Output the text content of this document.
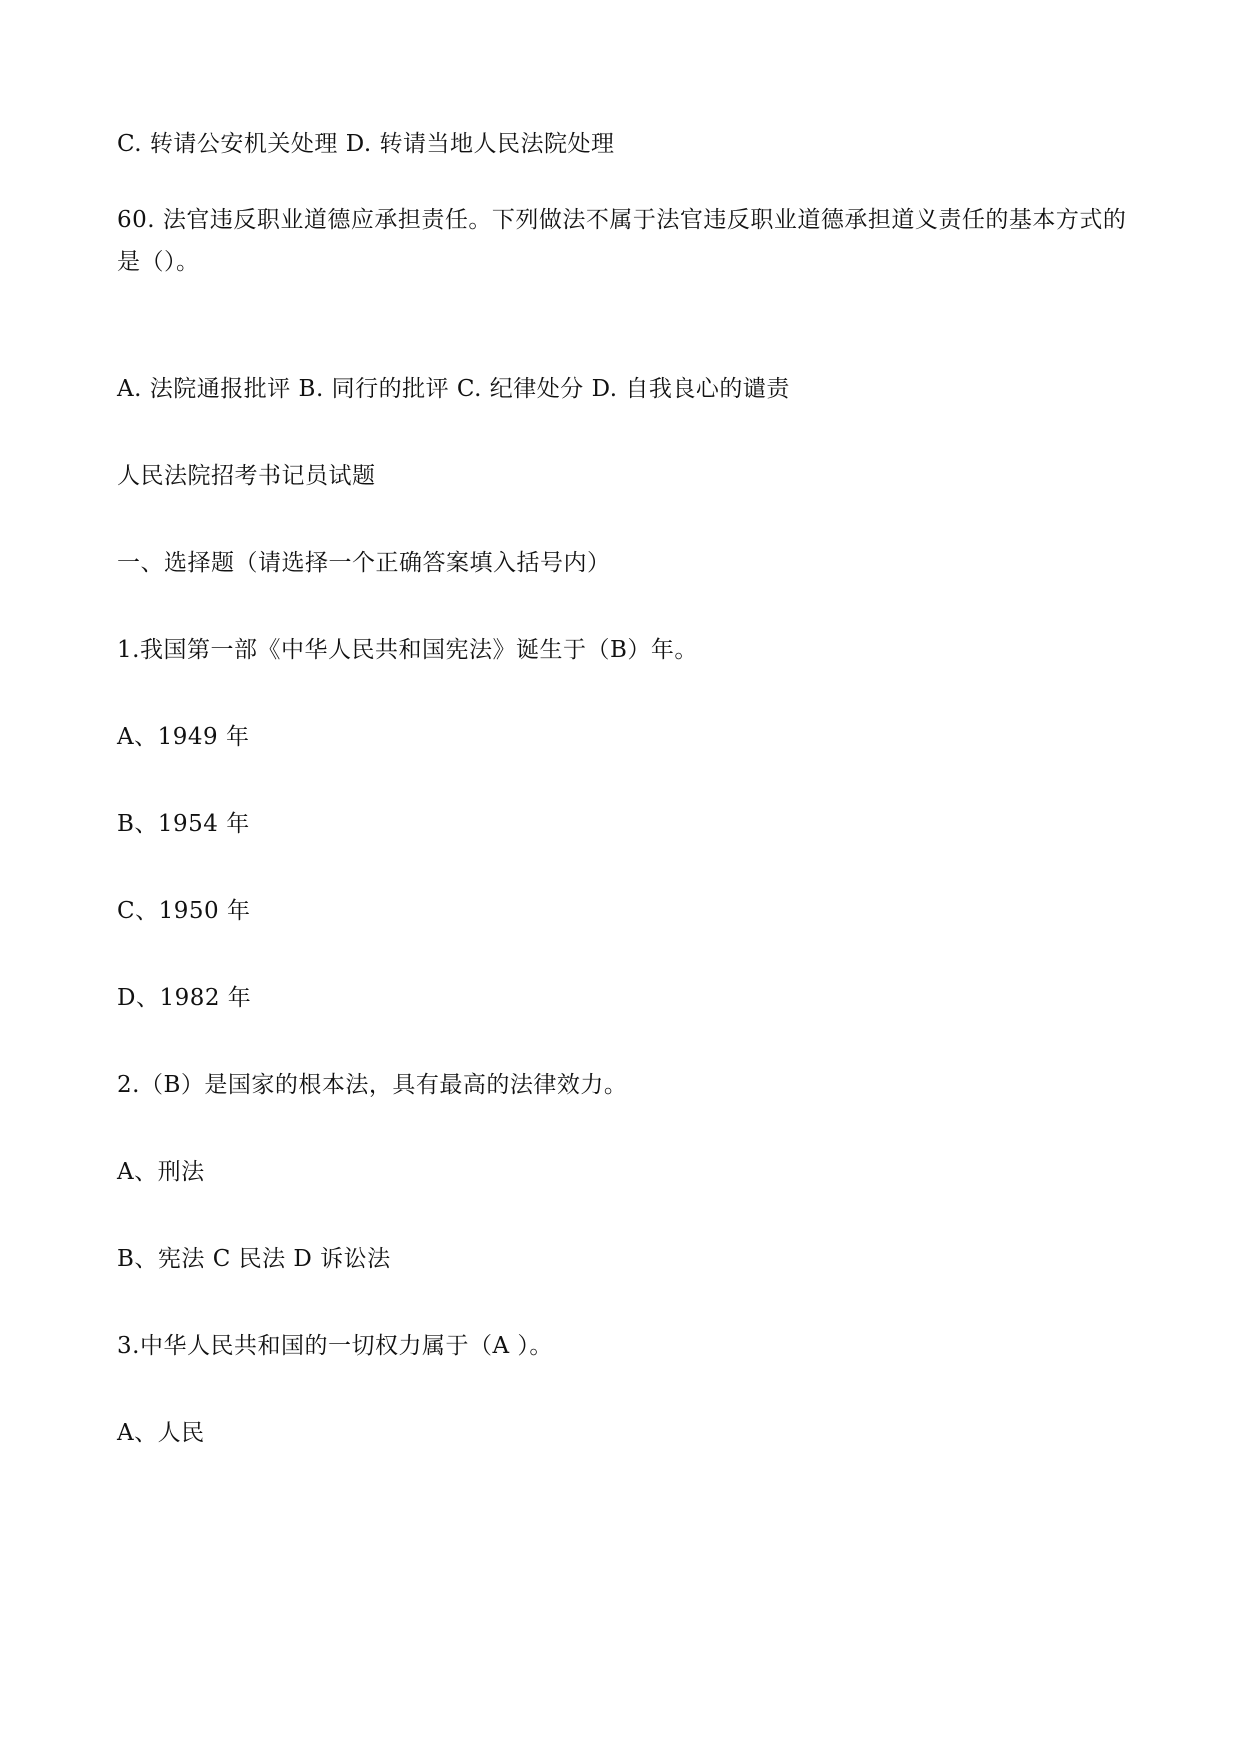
C. 转请公安机关处理 D. 转请当地人民法院处理
60. 法官违反职业道德应承担责任。下列做法不属于法官违反职业道德承担道义责任的基本方式的是（）。
A. 法院通报批评 B. 同行的批评 C. 纪律处分 D. 自我良心的谴责
人民法院招考书记员试题
一、选择题（请选择一个正确答案填入括号内）
1.我国第一部《中华人民共和国宪法》诞生于（B）年。
A、1949 年
B、1954 年
C、1950 年
D、1982 年
2.（B）是国家的根本法，具有最高的法律效力。
A、刑法
B、宪法 C 民法 D 诉讼法
3.中华人民共和国的一切权力属于（A ）。
A、人民
